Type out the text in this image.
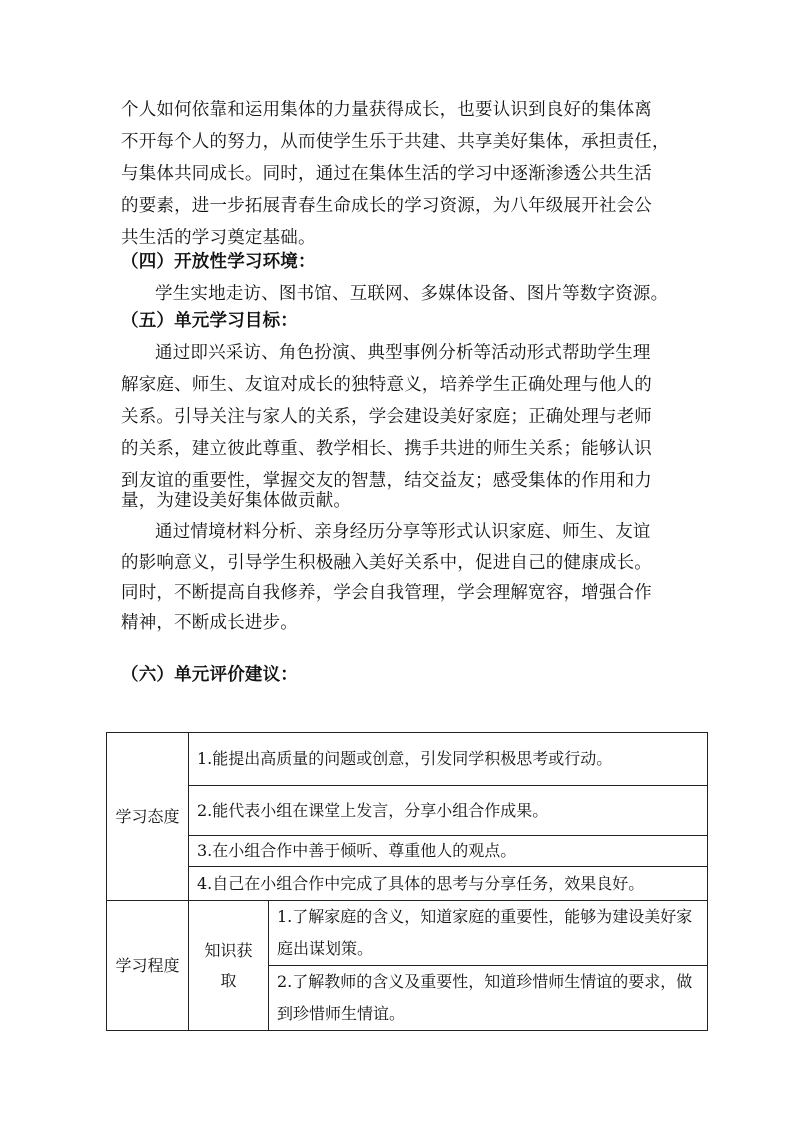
个人如何依靠和运用集体的力量获得成长，也要认识到良好的集体离
不开每个人的努力，从而使学生乐于共建、共享美好集体，承担责任，
与集体共同成长。同时，通过在集体生活的学习中逐渐渗透公共生活
的要素，进一步拓展青春生命成长的学习资源，为八年级展开社会公
共生活的学习奠定基础。
（四）开放性学习环境：
学生实地走访、图书馆、互联网、多媒体设备、图片等数字资源。
（五）单元学习目标：
通过即兴采访、角色扮演、典型事例分析等活动形式帮助学生理
解家庭、师生、友谊对成长的独特意义，培养学生正确处理与他人的
关系。引导关注与家人的关系，学会建设美好家庭；正确处理与老师
的关系，建立彼此尊重、教学相长、携手共进的师生关系；能够认识
到友谊的重要性，掌握交友的智慧，结交益友；感受集体的作用和力
量，为建设美好集体做贡献。
通过情境材料分析、亲身经历分享等形式认识家庭、师生、友谊
的影响意义，引导学生积极融入美好关系中，促进自己的健康成长。
同时，不断提高自我修养，学会自我管理，学会理解宽容，增强合作
精神，不断成长进步。
（六）单元评价建议：
学习态度	1.能提出高质量的问题或创意，引发同学积极思考或行动。	
	2.能代表小组在课堂上发言，分享小组合作成果。	
	3.在小组合作中善于倾听、尊重他人的观点。	
	4.自己在小组合作中完成了具体的思考与分享任务，效果良好。	
学习程度	知识获取	1.了解家庭的含义，知道家庭的重要性，能够为建设美好家庭出谋划策。
		2.了解教师的含义及重要性，知道珍惜师生情谊的要求，做到珍惜师生情谊。
